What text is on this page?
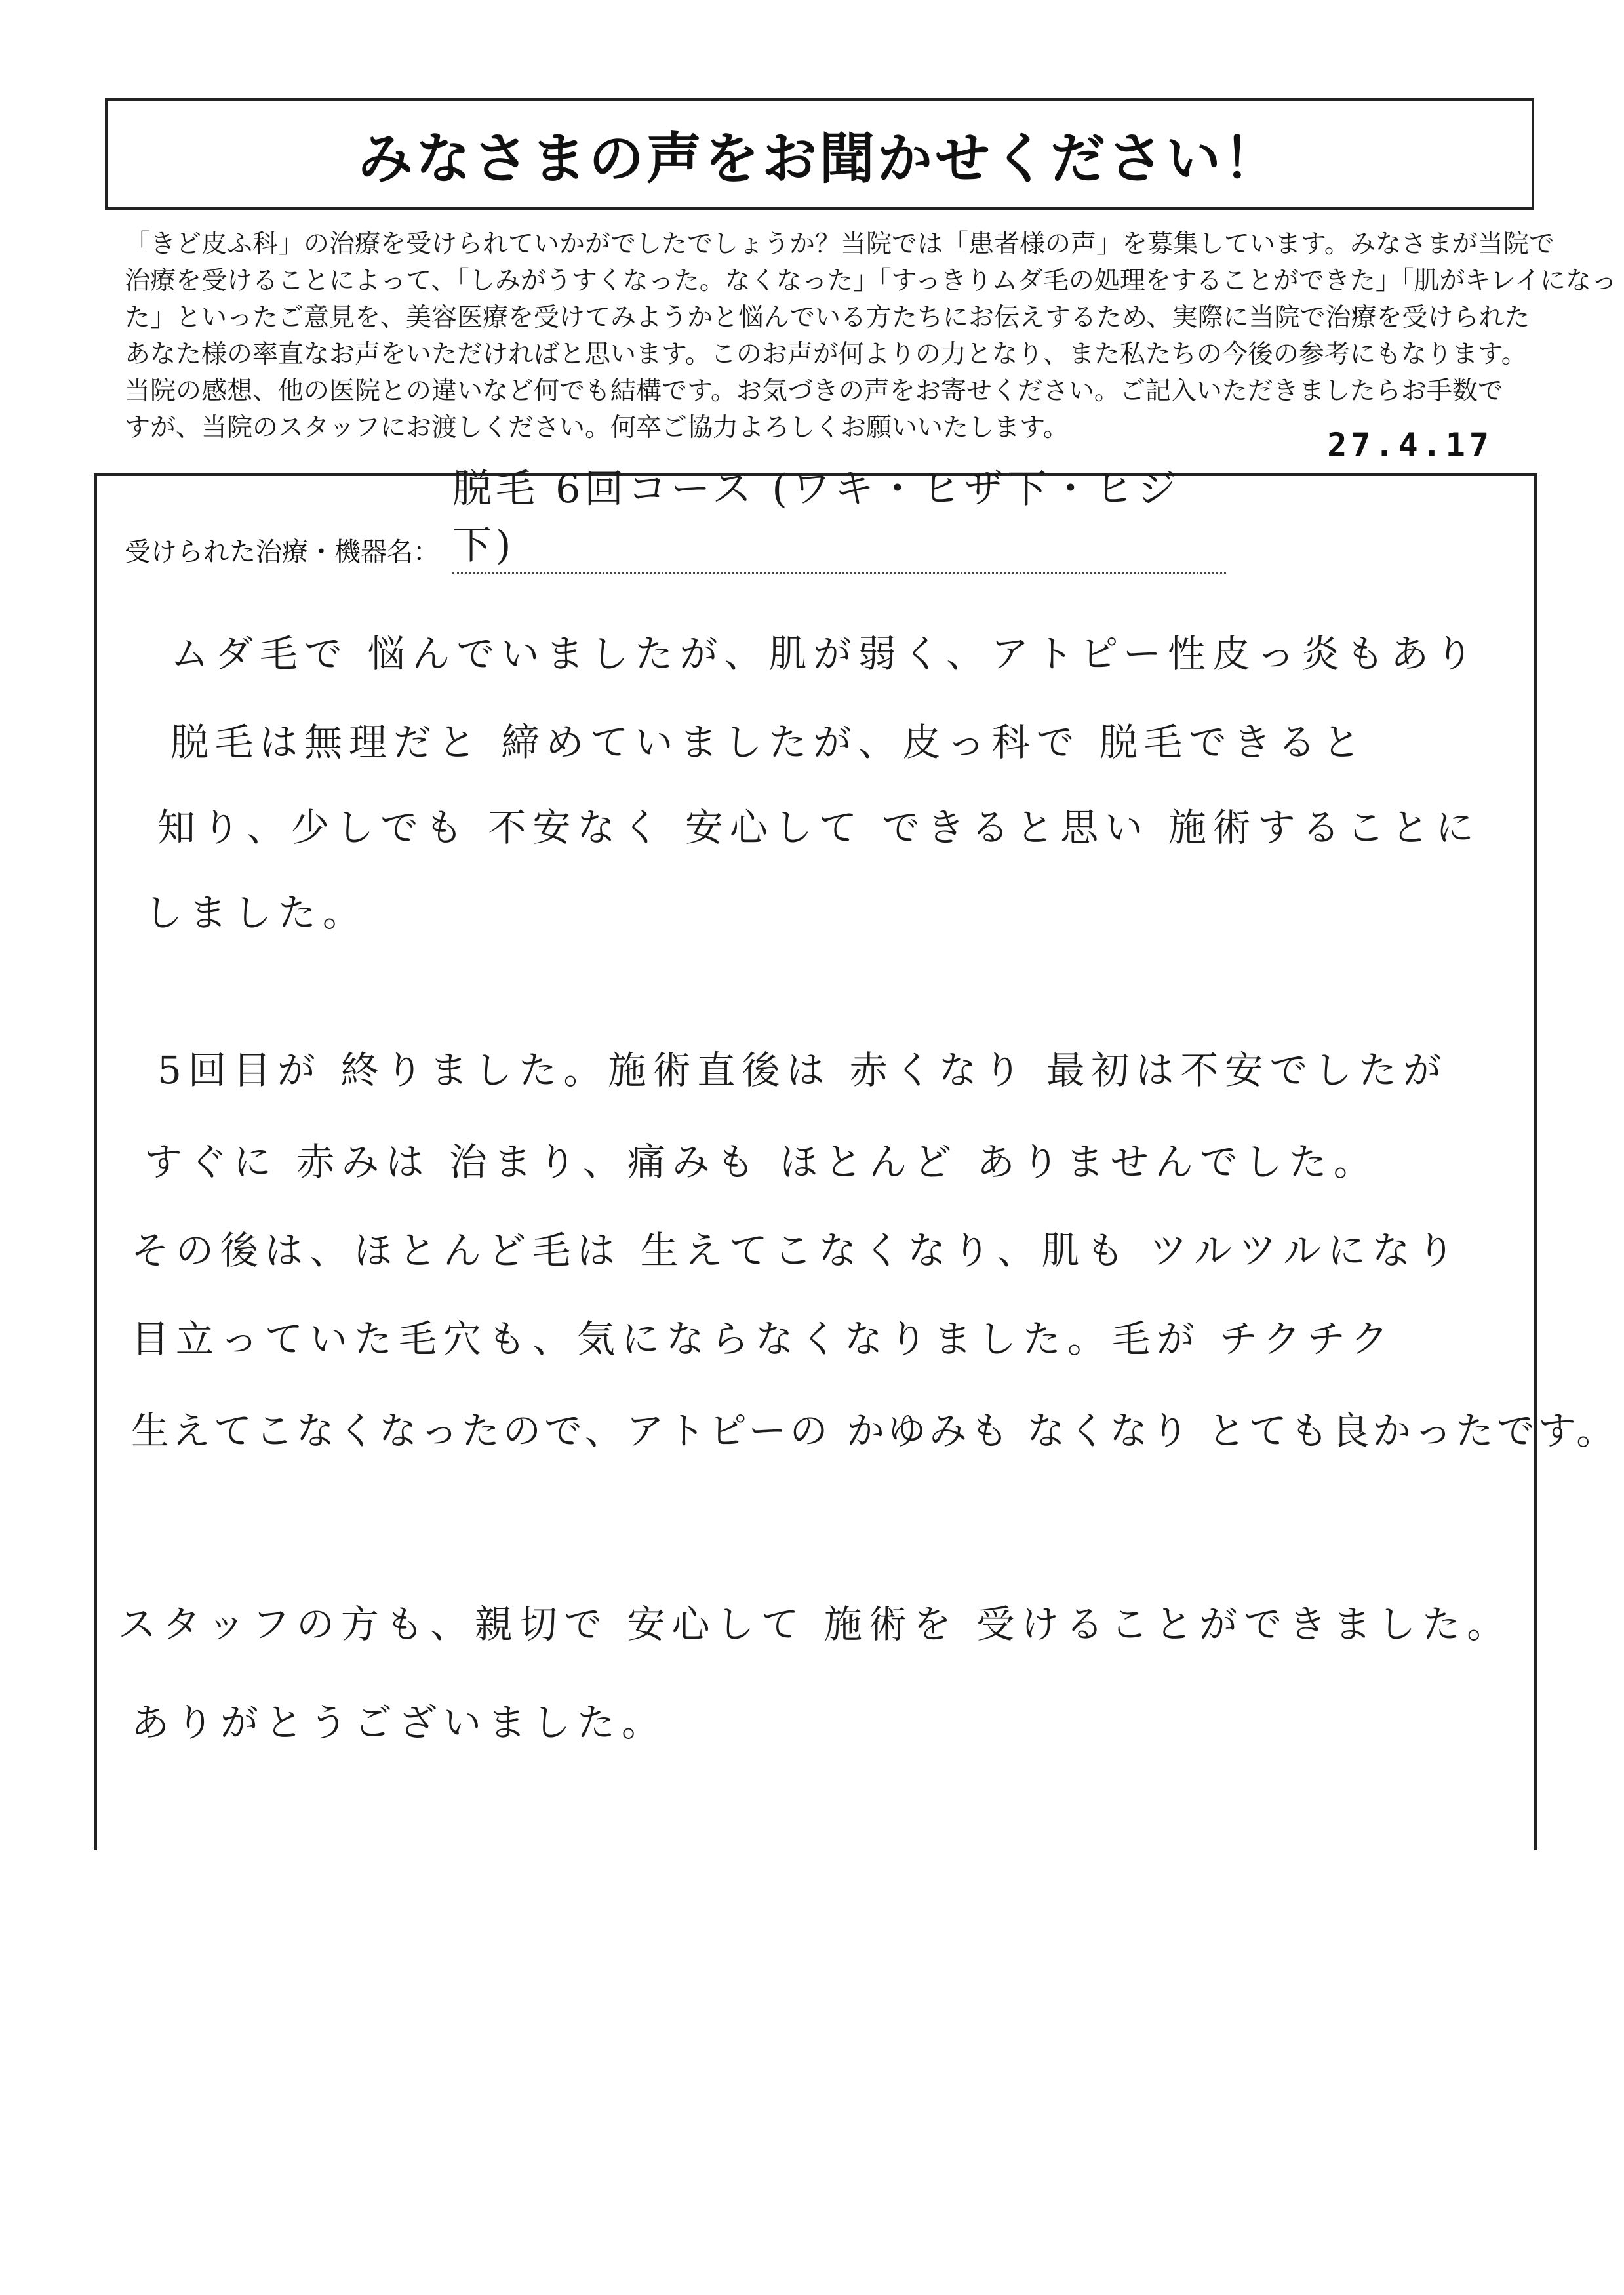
みなさまの声をお聞かせください！
「きど皮ふ科」の治療を受けられていかがでしたでしょうか？当院では「患者様の声」を募集しています。みなさまが当院で
治療を受けることによって、「しみがうすくなった。なくなった」「すっきりムダ毛の処理をすることができた」「肌がキレイになっ
た」といったご意見を、美容医療を受けてみようかと悩んでいる方たちにお伝えするため、実際に当院で治療を受けられた
あなた様の率直なお声をいただければと思います。このお声が何よりの力となり、また私たちの今後の参考にもなります。
当院の感想、他の医院との違いなど何でも結構です。お気づきの声をお寄せください。ご記入いただきましたらお手数で
すが、当院のスタッフにお渡しください。何卒ご協力よろしくお願いいたします。	27.4.17
受けられた治療・機器名：
脱毛 6回コース (ワキ・ヒザ下・ヒジ下)
ムダ毛で 悩んでいましたが、肌が弱く、アトピー性皮っ炎もあり
脱毛は無理だと 締めていましたが、皮っ科で 脱毛できると
知り、少しでも 不安なく 安心して できると思い 施術することに
しました。
5回目が 終りました。施術直後は 赤くなり 最初は不安でしたが
すぐに 赤みは 治まり、痛みも ほとんど ありませんでした。
その後は、ほとんど毛は 生えてこなくなり、肌も ツルツルになり
目立っていた毛穴も、気にならなくなりました。毛が チクチク
生えてこなくなったので、アトピーの かゆみも なくなり とても良かったです。
スタッフの方も、親切で 安心して 施術を 受けることができました。
ありがとうございました。
